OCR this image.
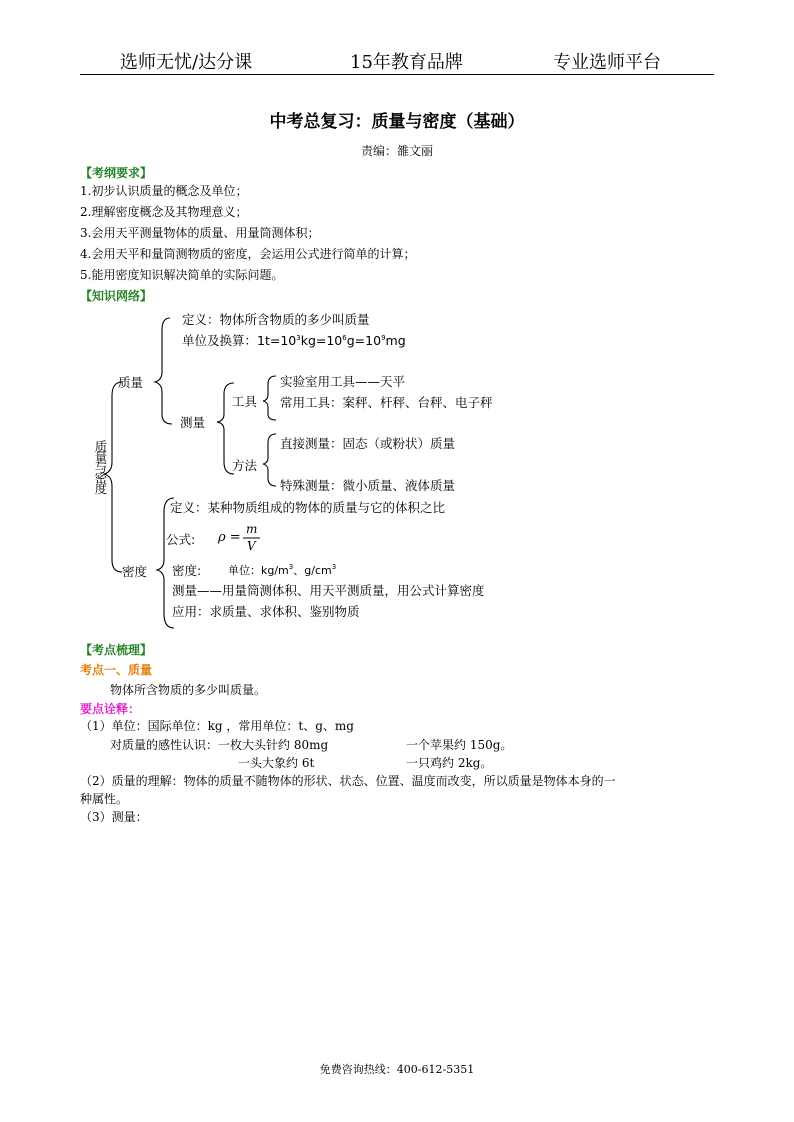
选师无忧/达分课	15年教育品牌	专业选师平台
中考总复习：质量与密度（基础）
责编：雒文丽
【考纲要求】
1.初步认识质量的概念及单位；
2.理解密度概念及其物理意义；
3.会用天平测量物体的质量、用量筒测体积；
4.会用天平和量筒测物质的密度，会运用公式进行简单的计算；
5.能用密度知识解决简单的实际问题。
【知识网络】
质量与密度
质量
定义：物体所含物质的多少叫质量
单位及换算：$1t=10^3kg=10^6g=10^9mg$
测量
工具
实验室用工具——天平
常用工具：案秤、杆秤、台秤、电子秤
方法
直接测量：固态（或粉状）质量
特殊测量：微小质量、液体质量
密度
定义：某种物质组成的物体的质量与它的体积之比
公式: ρ =
m
V
密度: 单位：$kg/m^3$、$g/cm^3$
测量——用量筒测体积、用天平测质量，用公式计算密度
应用：求质量、求体积、鉴别物质
【考点梳理】
考点一、质量
物体所含物质的多少叫质量。
要点诠释：
（1）单位：国际单位：kg ，常用单位：t、g、mg
对质量的感性认识：一枚大头针约 80mg	一个苹果约 150g。
一头大象约 6t	一只鸡约 2kg。
（2）质量的理解：物体的质量不随物体的形状、状态、位置、温度而改变，所以质量是物体本身的一
种属性。
（3）测量：
免费咨询热线：400-612-5351
